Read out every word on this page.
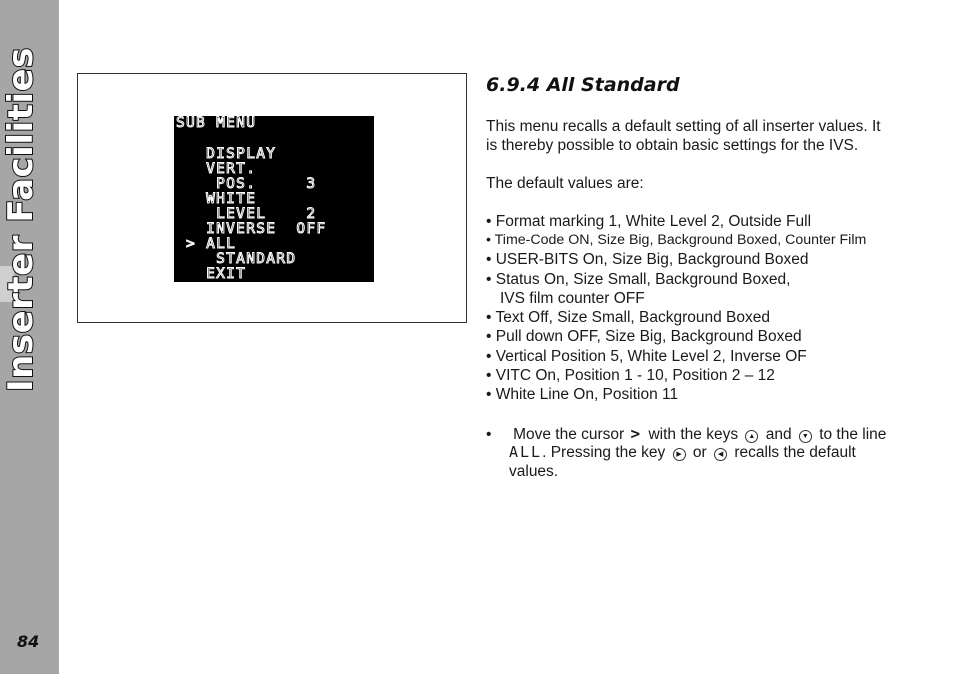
Inserter Facilities
84
SUB MENU
DISPLAY
VERT.
POS.     3
WHITE
LEVEL    2
INVERSE  OFF
> ALL
STANDARD
EXIT
6.9.4 All Standard
This menu recalls a default setting of all inserter values. It
is thereby possible to obtain basic settings for the IVS.
The default values are:
• Format marking 1, White Level 2, Outside Full
• Time-Code ON, Size Big, Background Boxed, Counter Film
• USER-BITS On, Size Big, Background Boxed
• Status On, Size Small, Background Boxed,
IVS film counter OFF
• Text Off, Size Small, Background Boxed
• Pull down OFF, Size Big, Background Boxed
• Vertical Position 5, White Level 2, Inverse OF
• VITC On, Position 1 - 10, Position 2 – 12
• White Line On, Position 11
• Move the cursor > with the keys ▲ and ▼ to the line
ALL. Pressing the key ▶ or ◀ recalls the default
values.
